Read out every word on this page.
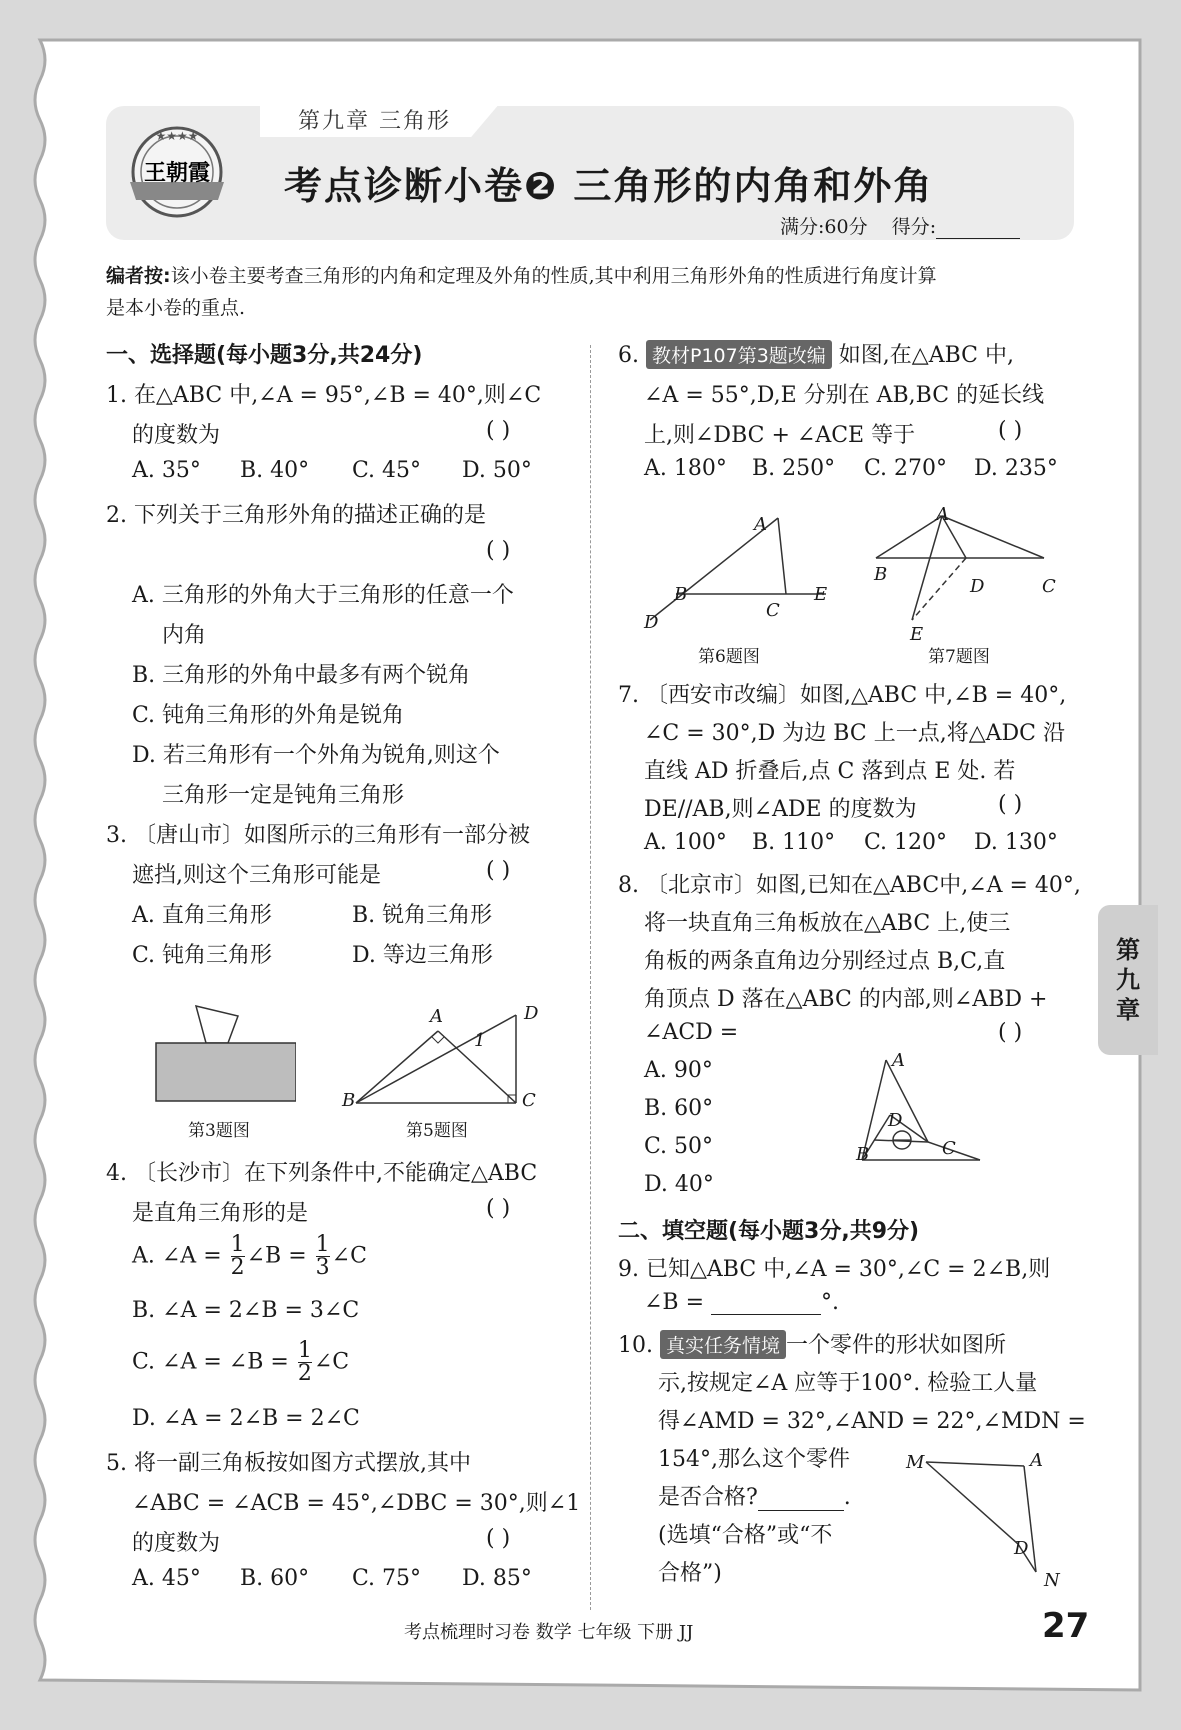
第九章 三角形
★★★★
王朝霞 考点诊断小卷❷ 三角形的内角和外角
满分:60分 得分:
编者按:该小卷主要考查三角形的内角和定理及外角的性质,其中利用三角形外角的性质进行角度计算
是本小卷的重点.
一、选择题(每小题3分,共24分)
1. 在△ABC 中,∠A = 95°,∠B = 40°,则∠C
的度数为	( )
A. 35° B. 40° C. 45° D. 50°
2. 下列关于三角形外角的描述正确的是
( )
A. 三角形的外角大于三角形的任意一个
内角
B. 三角形的外角中最多有两个锐角
C. 钝角三角形的外角是锐角
D. 若三角形有一个外角为锐角,则这个
三角形一定是钝角三角形
3. 〔唐山市〕如图所示的三角形有一部分被
遮挡,则这个三角形可能是	( )
A. 直角三角形	B. 锐角三角形
C. 钝角三角形	D. 等边三角形
第3题图
A	D
1
B	C
第5题图
4. 〔长沙市〕在下列条件中,不能确定△ABC
是直角三角形的是	( )
A. ∠A = $\frac{1}{2}$ ∠B = $\frac{1}{3}$ ∠C
B. ∠A = 2∠B = 3∠C
C. ∠A = ∠B = $\frac{1}{2}$ ∠C
D. ∠A = 2∠B = 2∠C
5. 将一副三角板按如图方式摆放,其中
∠ABC = ∠ACB = 45°,∠DBC = 30°,则∠1
的度数为	( )
A. 45° B. 60° C. 75° D. 85°
6. 教材P107第3题改编 如图,在△ABC 中,
∠A = 55°,D,E 分别在 AB,BC 的延长线
上,则∠DBC + ∠ACE 等于	( )
A. 180° B. 250° C. 270° D. 235°
A
B
C
D
E
第6题图
A
B
D	C
E
第7题图
7. 〔西安市改编〕如图,△ABC 中,∠B = 40°,
∠C = 30°,D 为边 BC 上一点,将△ADC 沿
直线 AD 折叠后,点 C 落到点 E 处. 若
DE//AB,则∠ADE 的度数为	( )
A. 100° B. 110° C. 120° D. 130°
8. 〔北京市〕如图,已知在△ABC中,∠A = 40°,
将一块直角三角板放在△ABC 上,使三
角板的两条直角边分别经过点 B,C,直
角顶点 D 落在△ABC 的内部,则∠ABD +
∠ACD =	( )
A. 90°
B. 60°
C. 50°
D. 40°
A
D
B	C
二、填空题(每小题3分,共9分)
9. 已知△ABC 中,∠A = 30°,∠C = 2∠B,则
∠B =	°.
10. 真实任务情境 一个零件的形状如图所
示,按规定∠A 应等于100°. 检验工人量
得∠AMD = 32°,∠AND = 22°,∠MDN =
154°,那么这个零件
是否合格?	.
(选填“合格”或“不
合格”)
M	A
D
N
第
九
章
考点梳理时习卷 数学 七年级 下册 JJ	27
